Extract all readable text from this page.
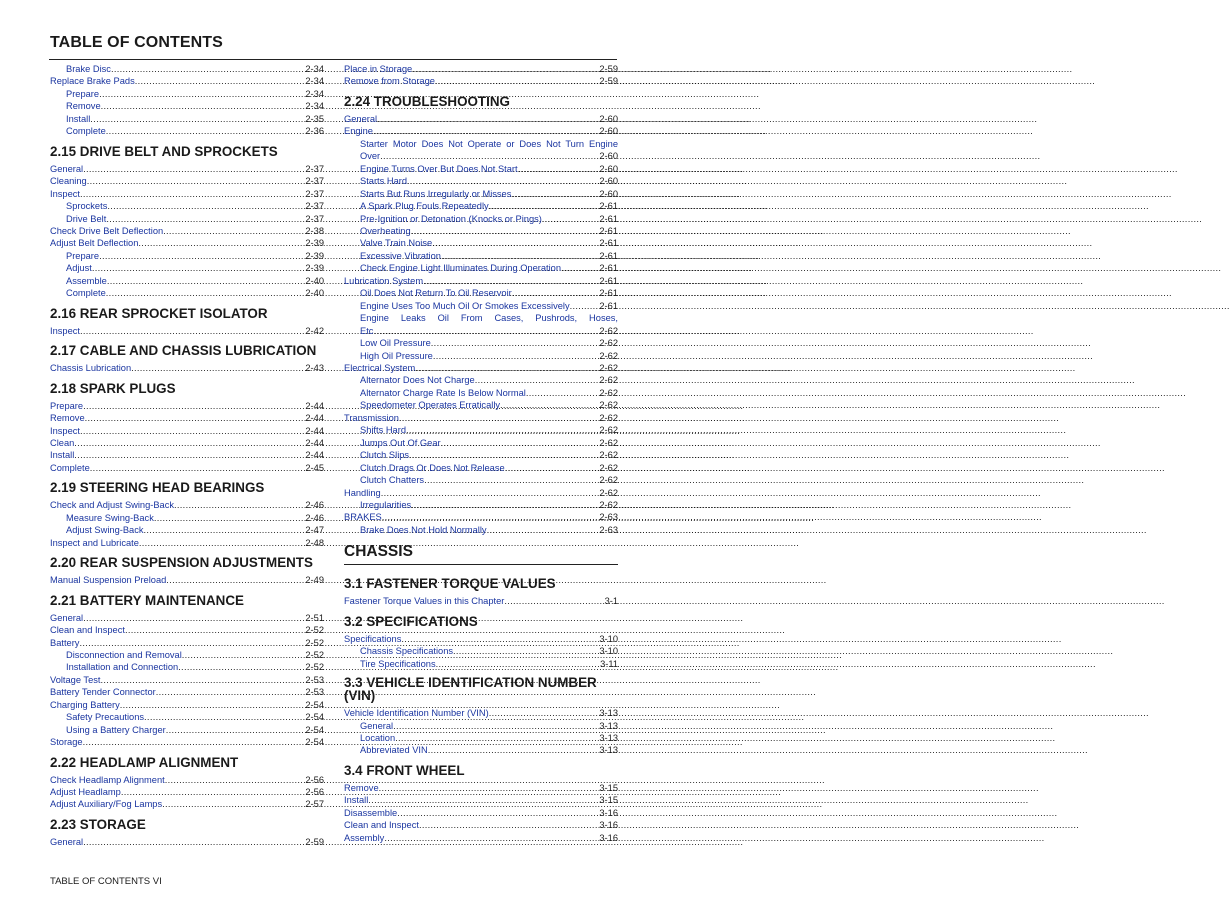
TABLE OF CONTENTS
Brake Disc .....	2-34
Replace Brake Pads .....	2-34
Prepare .....	2-34
Remove .....	2-34
Install .....	2-35
Complete .....	2-36
2.15 DRIVE BELT AND SPROCKETS
General .....	2-37
Cleaning .....	2-37
Inspect .....	2-37
Sprockets .....	2-37
Drive Belt .....	2-37
Check Drive Belt Deflection .....	2-38
Adjust Belt Deflection .....	2-39
Prepare .....	2-39
Adjust .....	2-39
Assemble .....	2-40
Complete .....	2-40
2.16 REAR SPROCKET ISOLATOR
Inspect .....	2-42
2.17 CABLE AND CHASSIS LUBRICATION
Chassis Lubrication .....	2-43
2.18 SPARK PLUGS
Prepare .....	2-44
Remove .....	2-44
Inspect .....	2-44
Clean .....	2-44
Install .....	2-44
Complete .....	2-45
2.19 STEERING HEAD BEARINGS
Check and Adjust Swing-Back .....	2-46
Measure Swing-Back .....	2-46
Adjust Swing-Back .....	2-47
Inspect and Lubricate .....	2-48
2.20 REAR SUSPENSION ADJUSTMENTS
Manual Suspension Preload .....	2-49
2.21 BATTERY MAINTENANCE
General .....	2-51
Clean and Inspect .....	2-52
Battery .....	2-52
Disconnection and Removal .....	2-52
Installation and Connection .....	2-52
Voltage Test .....	2-53
Battery Tender Connector .....	2-53
Charging Battery .....	2-54
Safety Precautions .....	2-54
Using a Battery Charger .....	2-54
Storage .....	2-54
2.22 HEADLAMP ALIGNMENT
Check Headlamp Alignment .....	2-56
Adjust Headlamp .....	2-56
Adjust Auxiliary/Fog Lamps .....	2-57
2.23 STORAGE
General .....	2-59
Place in Storage .....	2-59
Remove from Storage .....	2-59
2.24 TROUBLESHOOTING
General .....	2-60
Engine .....	2-60
Starter Motor Does Not Operate or Does Not Turn Engine
Over .....	2-60
Engine Turns Over But Does Not Start .....	2-60
Starts Hard .....	2-60
Starts But Runs Irregularly or Misses .....	2-60
A Spark Plug Fouls Repeatedly .....	2-61
Pre-Ignition or Detonation (Knocks or Pings) .....	2-61
Overheating .....	2-61
Valve Train Noise .....	2-61
Excessive Vibration .....	2-61
Check Engine Light Illuminates During Operation .....	2-61
Lubrication System .....	2-61
Oil Does Not Return To Oil Reservoir .....	2-61
Engine Uses Too Much Oil Or Smokes Excessively .....	2-61
Engine Leaks Oil From Cases, Pushrods, Hoses,
Etc .....	2-62
Low Oil Pressure .....	2-62
High Oil Pressure .....	2-62
Electrical System .....	2-62
Alternator Does Not Charge .....	2-62
Alternator Charge Rate Is Below Normal .....	2-62
Speedometer Operates Erratically .....	2-62
Transmission .....	2-62
Shifts Hard .....	2-62
Jumps Out Of Gear .....	2-62
Clutch Slips .....	2-62
Clutch Drags Or Does Not Release .....	2-62
Clutch Chatters .....	2-62
Handling .....	2-62
Irregularities .....	2-62
BRAKES .....	2-63
Brake Does Not Hold Normally .....	2-63
CHASSIS
3.1 FASTENER TORQUE VALUES
Fastener Torque Values in this Chapter .....	3-1
3.2 SPECIFICATIONS
Specifications .....	3-10
Chassis Specifications .....	3-10
Tire Specifications .....	3-11
3.3 VEHICLE IDENTIFICATION NUMBER (VIN)
Vehicle Identification Number (VIN) .....	3-13
General .....	3-13
Location .....	3-13
Abbreviated VIN .....	3-13
3.4 FRONT WHEEL
Remove .....	3-15
Install .....	3-15
Disassemble .....	3-16
Clean and Inspect .....	3-16
Assembly .....	3-16
TABLE OF CONTENTS VI
